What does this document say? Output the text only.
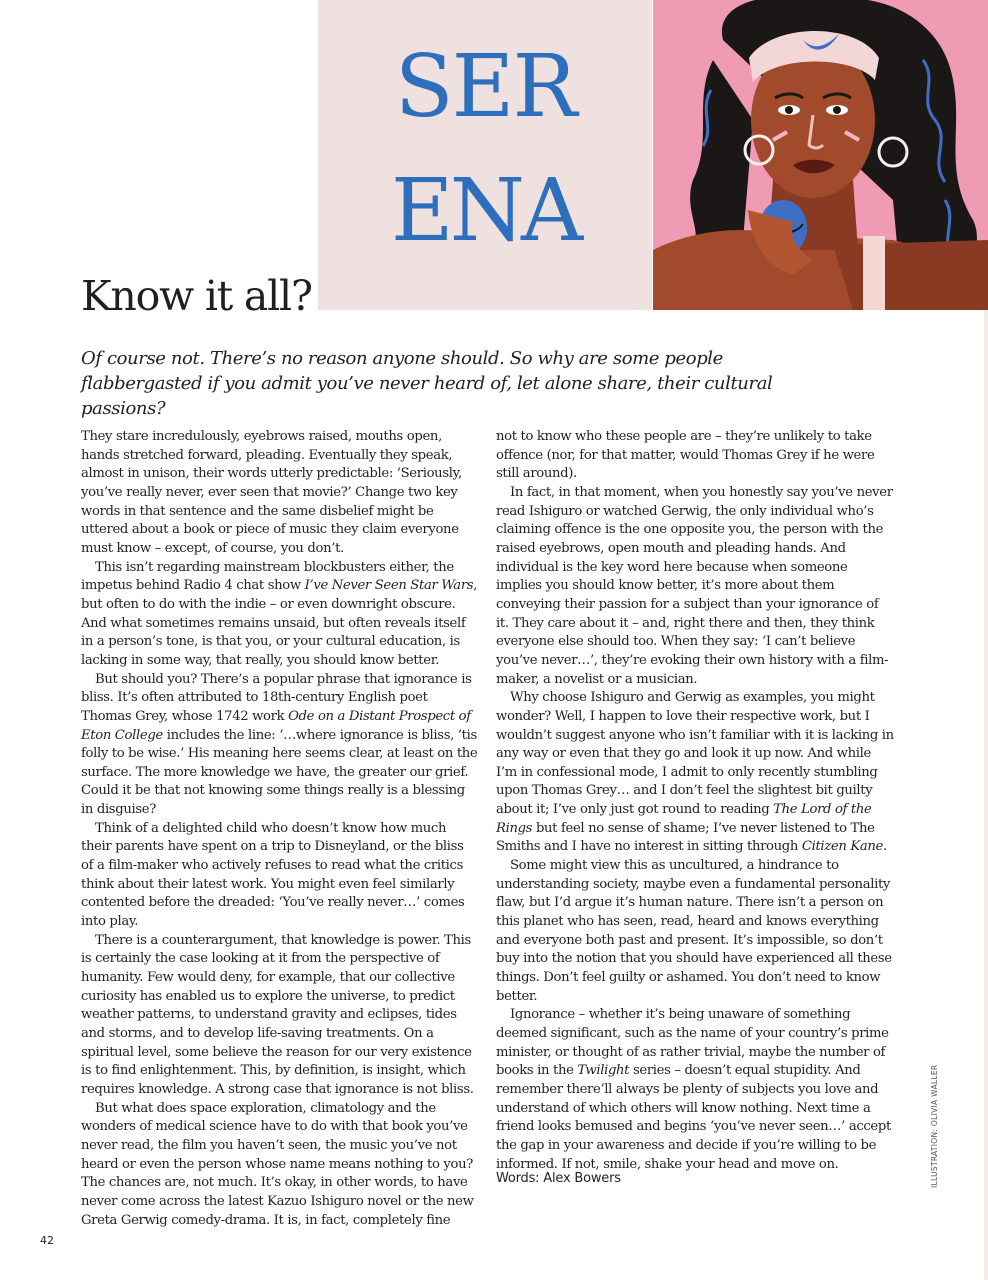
SER
ENA
Know it all?

Of course not. There’s no reason anyone should. So why are some people flabbergasted if you admit you’ve never heard of, let alone share, their cultural passions?

They stare incredulously, eyebrows raised, mouths open, hands stretched forward, pleading. Eventually they speak, almost in unison, their words utterly predictable: ‘Seriously, you’ve really never, ever seen that movie?’ Change two key words in that sentence and the same disbelief might be uttered about a book or piece of music they claim everyone must know – except, of course, you don’t.

This isn’t regarding mainstream blockbusters either, the impetus behind Radio 4 chat show I’ve Never Seen Star Wars, but often to do with the indie – or even downright obscure. And what sometimes remains unsaid, but often reveals itself in a person’s tone, is that you, or your cultural education, is lacking in some way, that really, you should know better.

But should you? There’s a popular phrase that ignorance is bliss. It’s often attributed to 18th-century English poet Thomas Grey, whose 1742 work Ode on a Distant Prospect of Eton College includes the line: ‘…where ignorance is bliss, ’tis folly to be wise.’ His meaning here seems clear, at least on the surface. The more knowledge we have, the greater our grief. Could it be that not knowing some things really is a blessing in disguise?

Think of a delighted child who doesn’t know how much their parents have spent on a trip to Disneyland, or the bliss of a film-maker who actively refuses to read what the critics think about their latest work. You might even feel similarly contented before the dreaded: ‘You’ve really never…’ comes into play.

There is a counterargument, that knowledge is power. This is certainly the case looking at it from the perspective of humanity. Few would deny, for example, that our collective curiosity has enabled us to explore the universe, to predict weather patterns, to understand gravity and eclipses, tides and storms, and to develop life-saving treatments. On a spiritual level, some believe the reason for our very existence is to find enlightenment. This, by definition, is insight, which requires knowledge. A strong case that ignorance is not bliss.

But what does space exploration, climatology and the wonders of medical science have to do with that book you’ve never read, the film you haven’t seen, the music you’ve not heard or even the person whose name means nothing to you? The chances are, not much. It’s okay, in other words, to have never come across the latest Kazuo Ishiguro novel or the new Greta Gerwig comedy-drama. It is, in fact, completely fine

not to know who these people are – they’re unlikely to take offence (nor, for that matter, would Thomas Grey if he were still around).

In fact, in that moment, when you honestly say you’ve never read Ishiguro or watched Gerwig, the only individual who’s claiming offence is the one opposite you, the person with the raised eyebrows, open mouth and pleading hands. And individual is the key word here because when someone implies you should know better, it’s more about them conveying their passion for a subject than your ignorance of it. They care about it – and, right there and then, they think everyone else should too. When they say: ‘I can’t believe you’ve never…’, they’re evoking their own history with a film-maker, a novelist or a musician.

Why choose Ishiguro and Gerwig as examples, you might wonder? Well, I happen to love their respective work, but I wouldn’t suggest anyone who isn’t familiar with it is lacking in any way or even that they go and look it up now. And while I’m in confessional mode, I admit to only recently stumbling upon Thomas Grey… and I don’t feel the slightest bit guilty about it; I’ve only just got round to reading The Lord of the Rings but feel no sense of shame; I’ve never listened to The Smiths and I have no interest in sitting through Citizen Kane.

Some might view this as uncultured, a hindrance to understanding society, maybe even a fundamental personality flaw, but I’d argue it’s human nature. There isn’t a person on this planet who has seen, read, heard and knows everything and everyone both past and present. It’s impossible, so don’t buy into the notion that you should have experienced all these things. Don’t feel guilty or ashamed. You don’t need to know better.

Ignorance – whether it’s being unaware of something deemed significant, such as the name of your country’s prime minister, or thought of as rather trivial, maybe the number of books in the Twilight series – doesn’t equal stupidity. And remember there’ll always be plenty of subjects you love and understand of which others will know nothing. Next time a friend looks bemused and begins ‘you’ve never seen…’ accept the gap in your awareness and decide if you’re willing to be informed. If not, smile, shake your head and move on.

Words: Alex Bowers	ILLUSTRATION: OLIVIA WALLER
42
